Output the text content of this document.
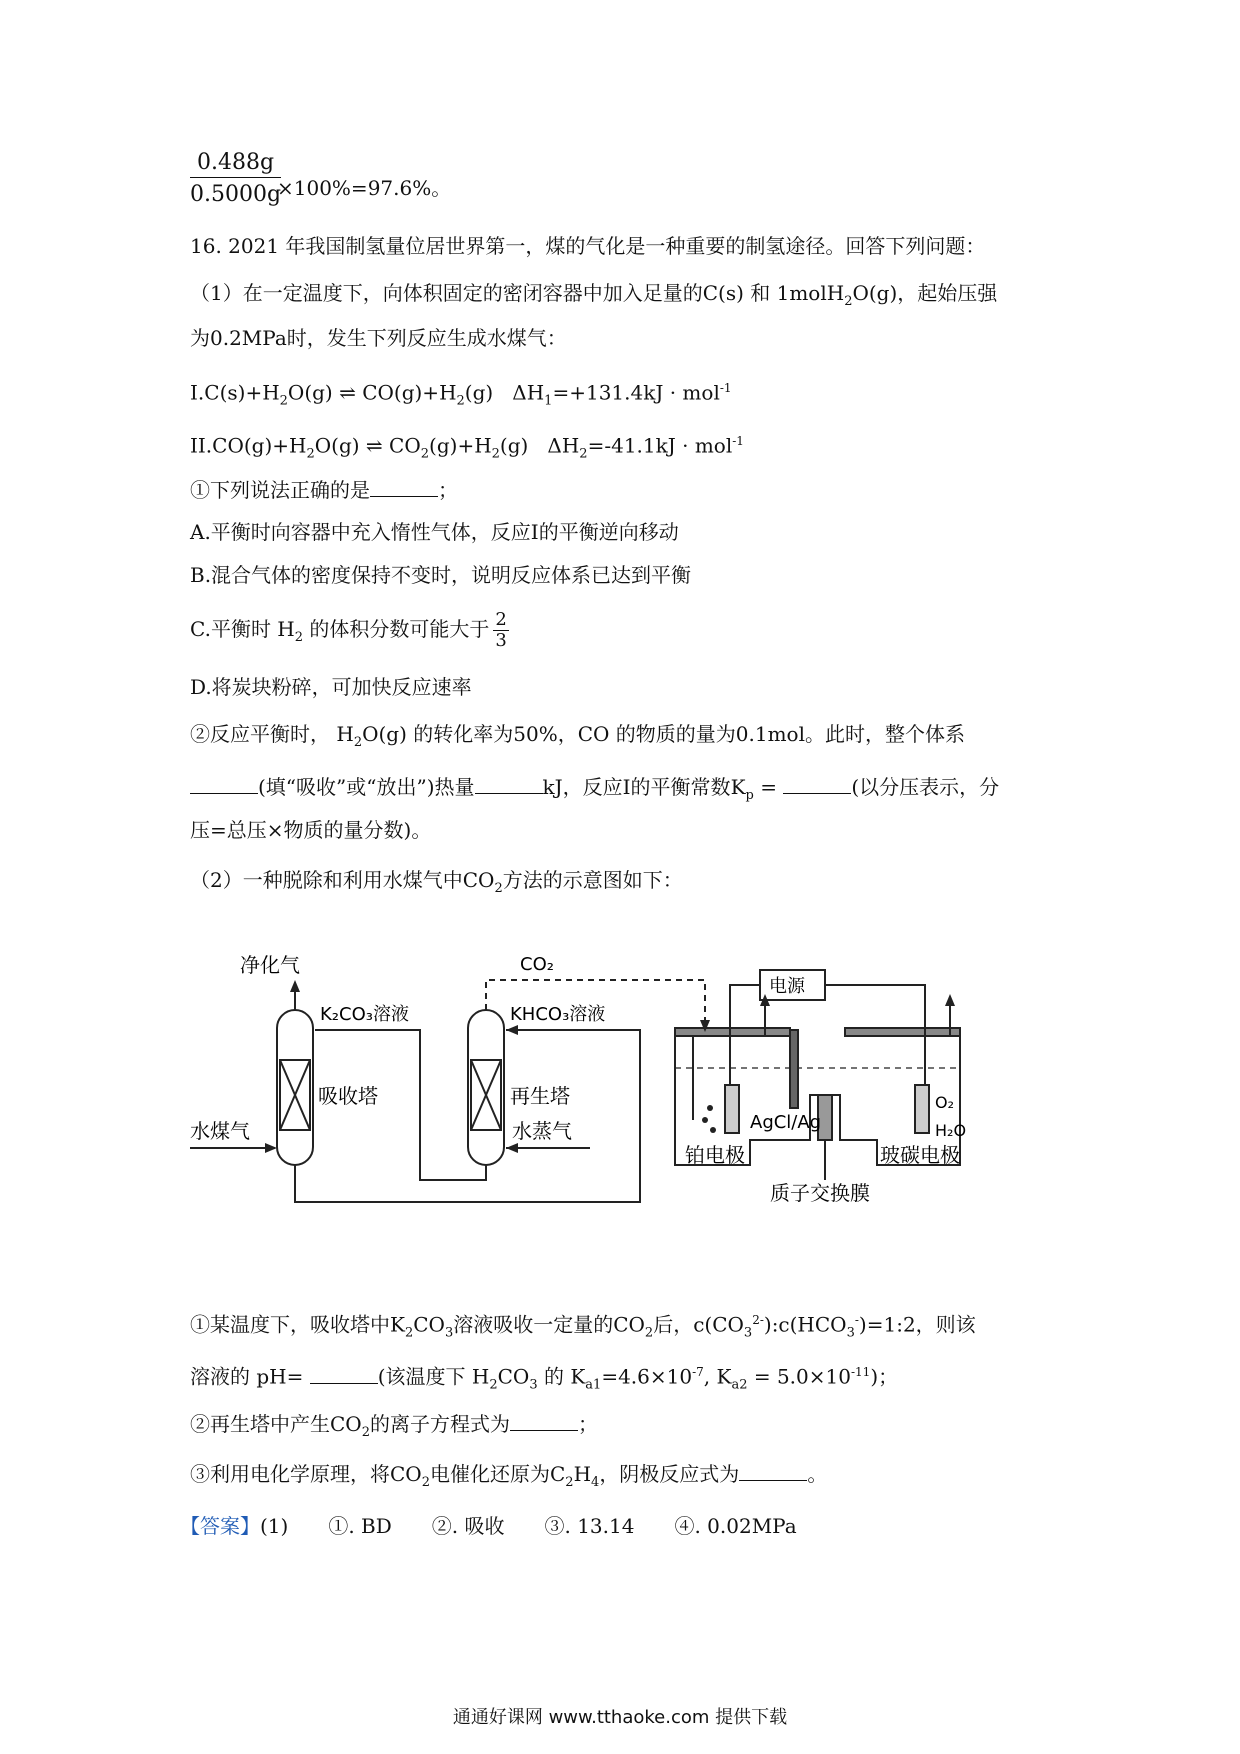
$\frac{0.488g}{0.5000g}$
×100%=97.6%。
16. 2021 年我国制氢量位居世界第一，煤的气化是一种重要的制氢途径。回答下列问题：
（1）在一定温度下，向体积固定的密闭容器中加入足量的C(s) 和 1molH$_2$O(g)，起始压强
为0.2MPa时，发生下列反应生成水煤气：
$I.C(s)+H_2O(g)$ ⇌ $CO(g)+H_2(g) \Delta H_1=+131.4kJ \cdot mol^{-1}$
$II.CO(g)+H_2O(g)$ ⇌ $CO_2(g)+H_2(g) \Delta H_2=-41.1kJ \cdot mol^{-1}$
①下列说法正确的是	；
A.平衡时向容器中充入惰性气体，反应I的平衡逆向移动
B.混合气体的密度保持不变时，说明反应体系已达到平衡
C.平衡时 $H_2$ 的体积分数可能大于 $\frac{2}{3}$
D.将炭块粉碎，可加快反应速率
②反应平衡时， $H_2O(g)$ 的转化率为50%，CO 的物质的量为0.1mol。此时，整个体系
(填“吸收”或“放出”)热量	kJ，反应I的平衡常数$K_p$ =	(以分压表示，分
压=总压×物质的量分数)。
（2）一种脱除和利用水煤气中$CO_2$方法的示意图如下：
净化气
K₂CO₃溶液
吸收塔
水煤气
CO₂
KHCO₃溶液
再生塔
水蒸气
电源
AgCl/Ag
O₂
H₂O
铂电极	玻碳电极
质子交换膜
①某温度下，吸收塔中$K_2CO_3$溶液吸收一定量的$CO_2$后，$c(CO_3^{2-}):c(HCO_3^-)=1:2$，则该
溶液的 pH=	(该温度下 $H_2CO_3$ 的 $K_{a1}=4.6\times 10^{-7}$, $K_{a2} = 5.0\times 10^{-11}$)；
②再生塔中产生$CO_2$的离子方程式为	；
③利用电化学原理，将$CO_2$电催化还原为$C_2H_4$，阴极反应式为	。
【答案】(1)　　①. BD　　②. 吸收　　③. 13.14　　④. 0.02MPa
通通好课网 www.tthaoke.com 提供下载
